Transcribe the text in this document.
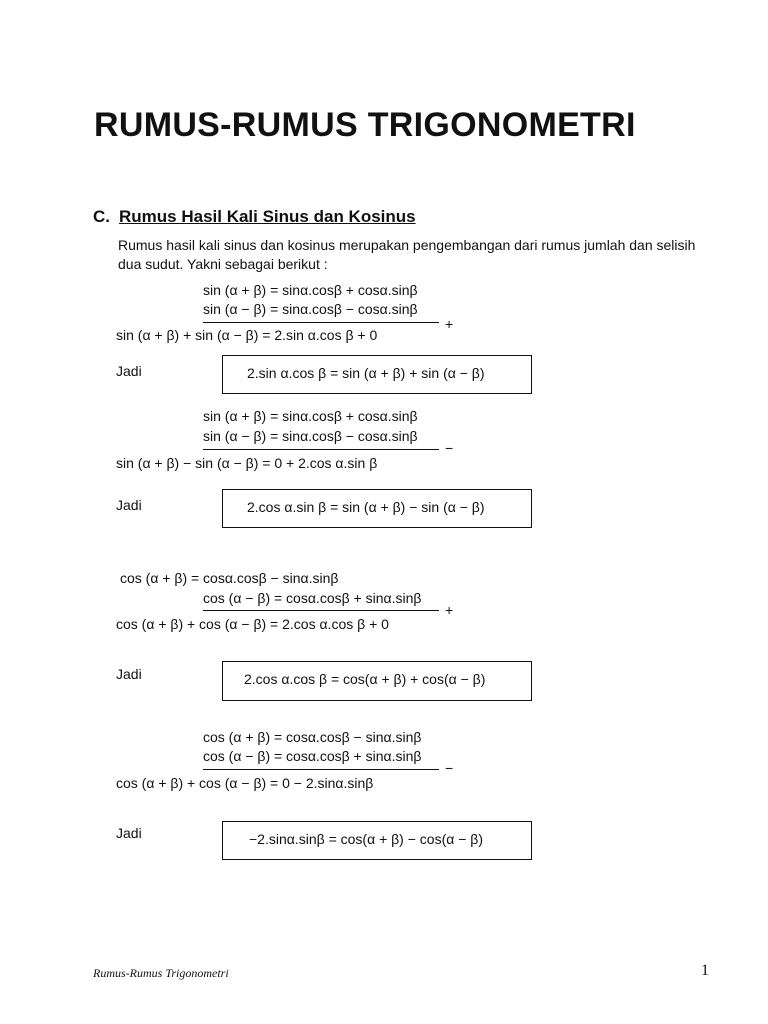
RUMUS-RUMUS TRIGONOMETRI
C. Rumus Hasil Kali Sinus dan Kosinus
Rumus hasil kali sinus dan kosinus merupakan pengembangan dari rumus jumlah dan selisih
dua sudut. Yakni sebagai berikut :
sin (α + β) = sinα.cosβ + cosα.sinβ
sin (α − β) = sinα.cosβ − cosα.sinβ
+
sin (α + β) + sin (α − β) = 2.sin α.cos β + 0
Jadi	2.sin α.cos β = sin (α + β) + sin (α − β)
sin (α + β) = sinα.cosβ + cosα.sinβ
sin (α − β) = sinα.cosβ − cosα.sinβ
−
sin (α + β) − sin (α − β) = 0 + 2.cos α.sin β
Jadi	2.cos α.sin β = sin (α + β) − sin (α − β)
cos (α + β) = cosα.cosβ − sinα.sinβ
cos (α − β) = cosα.cosβ + sinα.sinβ
+
cos (α + β) + cos (α − β) = 2.cos α.cos β + 0
Jadi	2.cos α.cos β = cos(α + β) + cos(α − β)
cos (α + β) = cosα.cosβ − sinα.sinβ
cos (α − β) = cosα.cosβ + sinα.sinβ
−
cos (α + β) + cos (α − β) = 0 − 2.sinα.sinβ
Jadi	−2.sinα.sinβ = cos(α + β) − cos(α − β)
Rumus-Rumus Trigonometri	1
